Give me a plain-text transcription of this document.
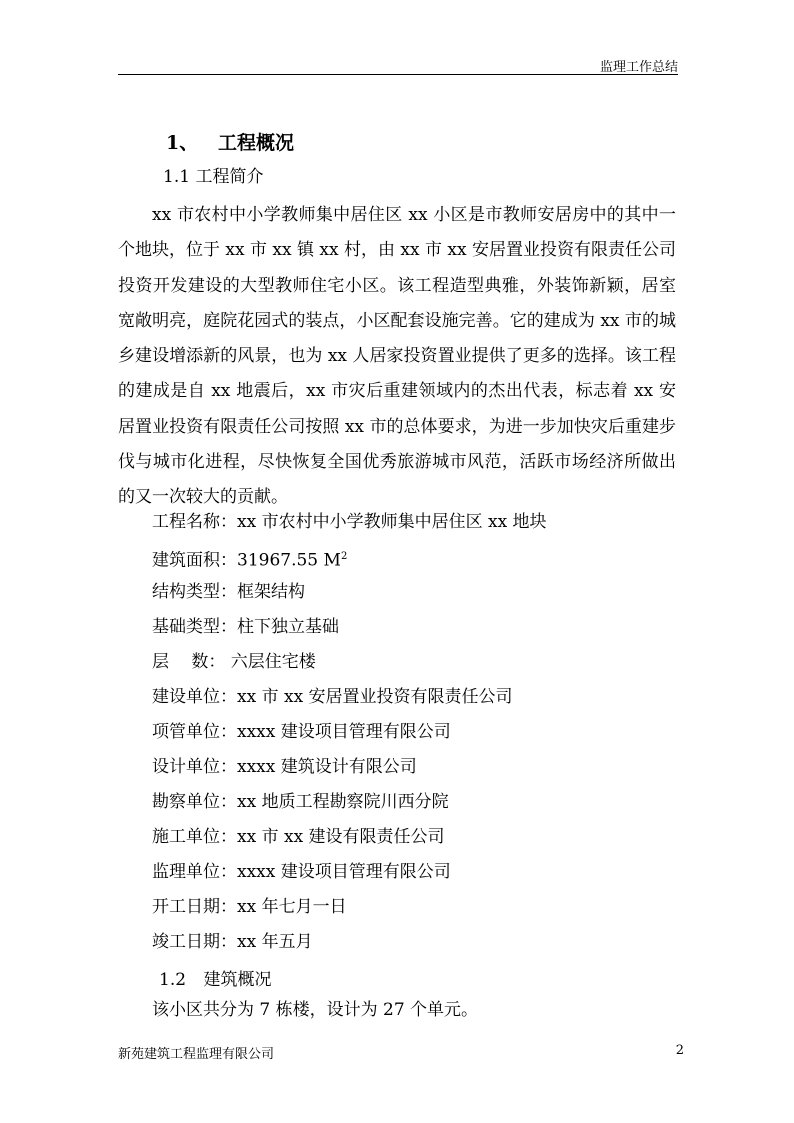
监理工作总结
1、 工程概况
1.1 工程简介
xx 市农村中小学教师集中居住区 xx 小区是市教师安居房中的其中一个地块，位于 xx 市 xx 镇 xx 村，由 xx 市 xx 安居置业投资有限责任公司投资开发建设的大型教师住宅小区。该工程造型典雅，外装饰新颖，居室宽敞明亮，庭院花园式的装点，小区配套设施完善。它的建成为 xx 市的城乡建设增添新的风景，也为 xx 人居家投资置业提供了更多的选择。该工程的建成是自 xx 地震后，xx 市灾后重建领域内的杰出代表，标志着 xx 安居置业投资有限责任公司按照 xx 市的总体要求，为进一步加快灾后重建步伐与城市化进程，尽快恢复全国优秀旅游城市风范，活跃市场经济所做出的又一次较大的贡献。
工程名称：xx 市农村中小学教师集中居住区 xx 地块
建筑面积：31967.55 $M^2$
结构类型：框架结构
基础类型：柱下独立基础
层　 数： 六层住宅楼
建设单位：xx 市 xx 安居置业投资有限责任公司
项管单位：xxxx 建设项目管理有限公司
设计单位：xxxx 建筑设计有限公司
勘察单位：xx 地质工程勘察院川西分院
施工单位：xx 市 xx 建设有限责任公司
监理单位：xxxx 建设项目管理有限公司
开工日期：xx 年七月一日
竣工日期：xx 年五月
1.2 建筑概况
该小区共分为 7 栋楼，设计为 27 个单元。
新苑建筑工程监理有限公司	2
